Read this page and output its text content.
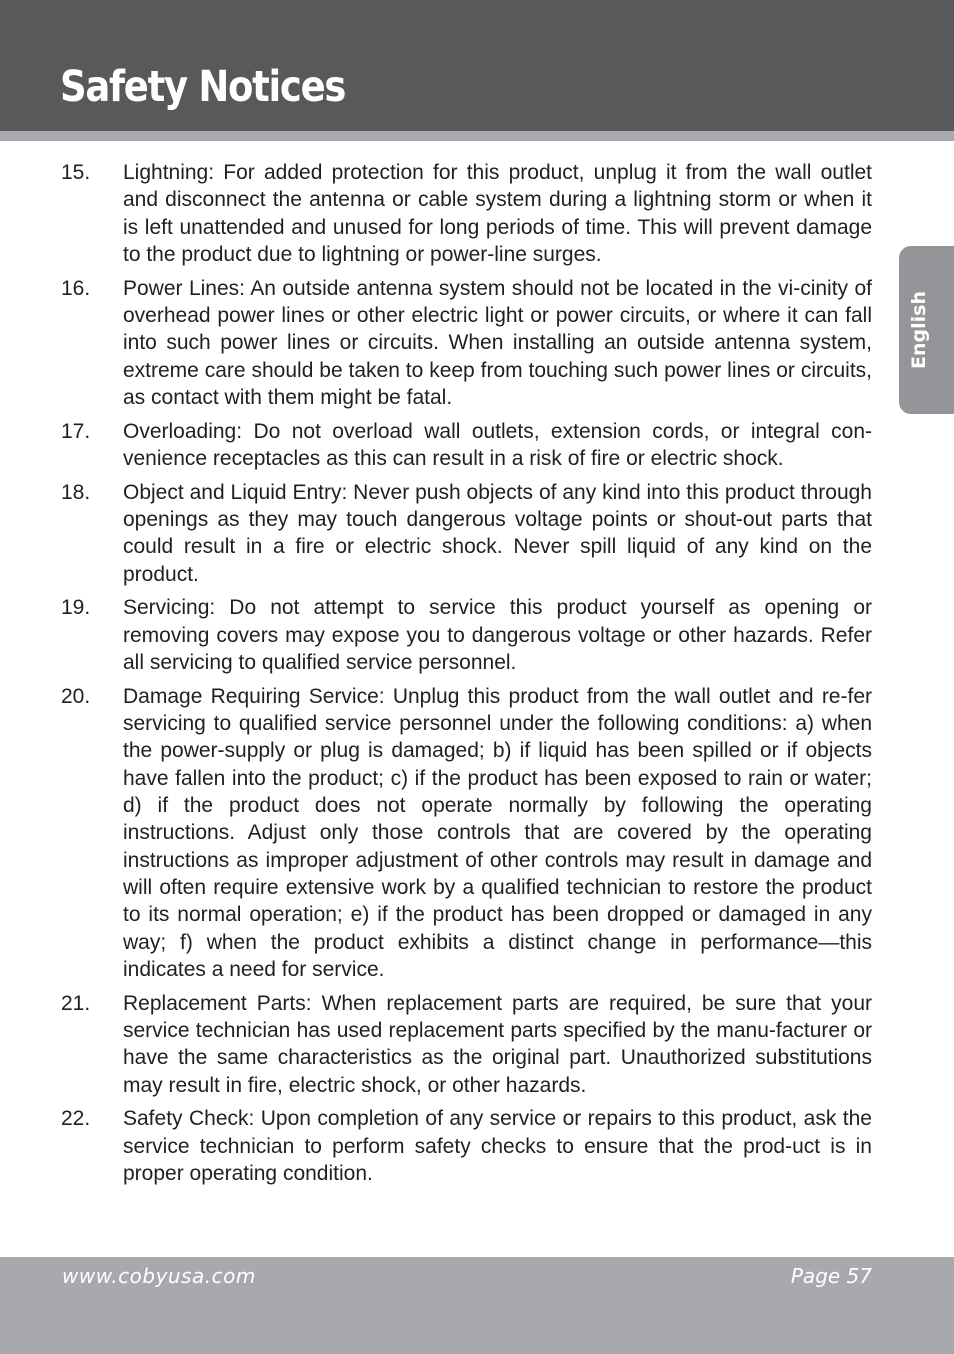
Safety Notices
English
15. Lightning: For added protection for this product, unplug it from the wall outlet and disconnect the antenna or cable system during a lightning storm or when it is left unattended and unused for long periods of time. This will prevent damage to the product due to lightning or power-line surges.
16. Power Lines: An outside antenna system should not be located in the vi-cinity of overhead power lines or other electric light or power circuits, or where it can fall into such power lines or circuits. When installing an outside antenna system, extreme care should be taken to keep from touching such power lines or circuits, as contact with them might be fatal.
17. Overloading: Do not overload wall outlets, extension cords, or integral con-venience receptacles as this can result in a risk of fire or electric shock.
18. Object and Liquid Entry: Never push objects of any kind into this product through openings as they may touch dangerous voltage points or shout-out parts that could result in a fire or electric shock. Never spill liquid of any kind on the product.
19. Servicing: Do not attempt to service this product yourself as opening or removing covers may expose you to dangerous voltage or other hazards. Refer all servicing to qualified service personnel.
20. Damage Requiring Service: Unplug this product from the wall outlet and re-fer servicing to qualified service personnel under the following conditions: a) when the power-supply or plug is damaged; b) if liquid has been spilled or if objects have fallen into the product; c) if the product has been exposed to rain or water; d) if the product does not operate normally by following the operating instructions. Adjust only those controls that are covered by the operating instructions as improper adjustment of other controls may result in damage and will often require extensive work by a qualified technician to restore the product to its normal operation; e) if the product has been dropped or damaged in any way; f) when the product exhibits a distinct change in performance—this indicates a need for service.
21. Replacement Parts: When replacement parts are required, be sure that your service technician has used replacement parts specified by the manu-facturer or have the same characteristics as the original part. Unauthorized substitutions may result in fire, electric shock, or other hazards.
22. Safety Check: Upon completion of any service or repairs to this product, ask the service technician to perform safety checks to ensure that the prod-uct is in proper operating condition.
www.cobyusa.com	Page 57
